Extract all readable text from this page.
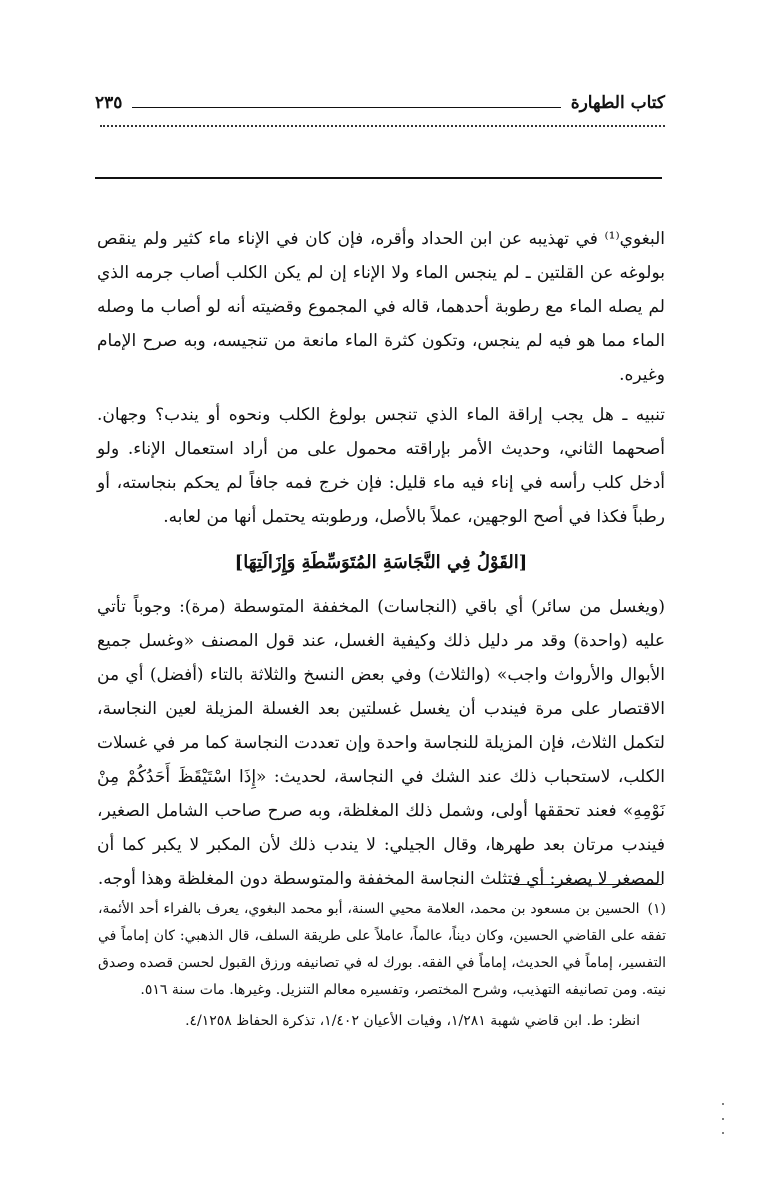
كتاب الطهارة
٢٣٥

البغوي⁽¹⁾ في تهذيبه عن ابن الحداد وأقره، فإن كان في الإناء ماء كثير ولم ينقص بولوغه عن القلتين ـ لم ينجس الماء ولا الإناء إن لم يكن الكلب أصاب جرمه الذي لم يصله الماء مع رطوبة أحدهما، قاله في المجموع وقضيته أنه لو أصاب ما وصله الماء مما هو فيه لم ينجس، وتكون كثرة الماء مانعة من تنجيسه، وبه صرح الإمام وغيره.

تنبيه ـ هل يجب إراقة الماء الذي تنجس بولوغ الكلب ونحوه أو يندب؟ وجهان. أصحهما الثاني، وحديث الأمر بإراقته محمول على من أراد استعمال الإناء. ولو أدخل كلب رأسه في إناء فيه ماء قليل: فإن خرج فمه جافاً لم يحكم بنجاسته، أو رطباً فكذا في أصح الوجهين، عملاً بالأصل، ورطوبته يحتمل أنها من لعابه.

[القَوْلُ فِي النَّجَاسَةِ المُتَوَسِّطَةِ وَإِزَالَتِهَا]

(ويغسل من سائر) أي باقي (النجاسات) المخففة المتوسطة (مرة): وجوباً تأتي عليه (واحدة) وقد مر دليل ذلك وكيفية الغسل، عند قول المصنف «وغسل جميع الأبوال والأرواث واجب» (والثلاث) وفي بعض النسخ والثلاثة بالتاء (أفضل) أي من الاقتصار على مرة فيندب أن يغسل غسلتين بعد الغسلة المزيلة لعين النجاسة، لتكمل الثلاث، فإن المزيلة للنجاسة واحدة وإن تعددت النجاسة كما مر في غسلات الكلب، لاستحباب ذلك عند الشك في النجاسة، لحديث: «إِذَا اسْتَيْقَظَ أَحَدُكُمْ مِنْ نَوْمِهِ» فعند تحققها أولى، وشمل ذلك المغلظة، وبه صرح صاحب الشامل الصغير، فيندب مرتان بعد طهرها، وقال الجيلي: لا يندب ذلك لأن المكبر لا يكبر كما أن المصغر لا يصغر: أي فتثلث النجاسة المخففة والمتوسطة دون المغلظة وهذا أوجه.

(١)الحسين بن مسعود بن محمد، العلامة محيي السنة، أبو محمد البغوي، يعرف بالفراء أحد الأئمة، تفقه على القاضي الحسين، وكان ديناً، عالماً، عاملاً على طريقة السلف، قال الذهبي: كان إماماً في التفسير، إماماً في الحديث، إماماً في الفقه. بورك له في تصانيفه ورزق القبول لحسن قصده وصدق نيته. ومن تصانيفه التهذيب، وشرح المختصر، وتفسيره معالم التنزيل. وغيرها. مات سنة ٥١٦.

انظر: ط. ابن قاضي شهبة ١/٢٨١، وفيات الأعيان ١/٤٠٢، تذكرة الحفاظ ٤/١٢٥٨.
